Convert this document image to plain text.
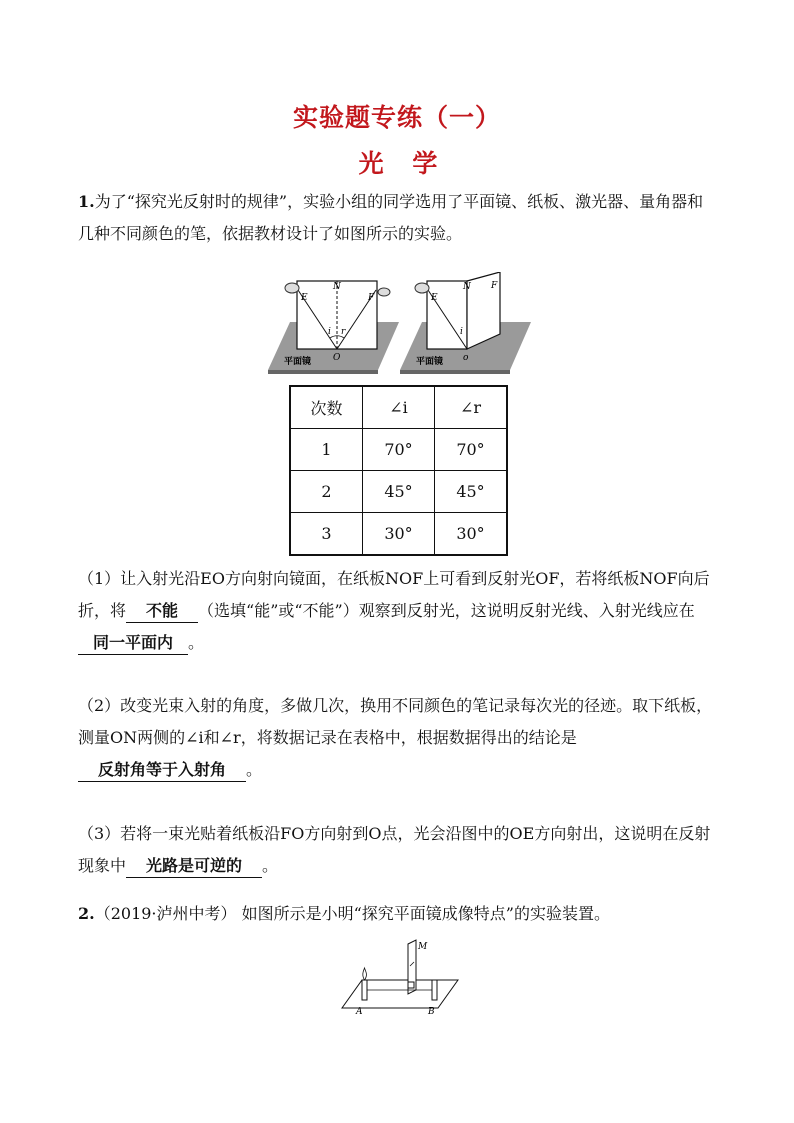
实验题专练（一）
光 学

1.为了“探究光反射时的规律”，实验小组的同学选用了平面镜、纸板、激光器、量角器和几种不同颜色的笔，依据教材设计了如图所示的实验。

N
E	F
i r
O
平面镜
N
E
F
i
o
平面镜
次数	∠i	∠r
1	70°	70°
2	45°	45°
3	30°	30°

（1）让入射光沿EO方向射向镜面，在纸板NOF上可看到反射光OF，若将纸板NOF向后折，将 不能 （选填“能”或“不能”）观察到反射光，这说明反射光线、入射光线应在同一平面内 。

（2）改变光束入射的角度，多做几次，换用不同颜色的笔记录每次光的径迹。取下纸板，测量ON两侧的∠i和∠r，将数据记录在表格中，根据数据得出的结论是反射角等于入射角 。

（3）若将一束光贴着纸板沿FO方向射到O点，光会沿图中的OE方向射出，这说明在反射现象中 光路是可逆的 。

2.（2019·泸州中考） 如图所示是小明“探究平面镜成像特点”的实验装置。

M
A	B
